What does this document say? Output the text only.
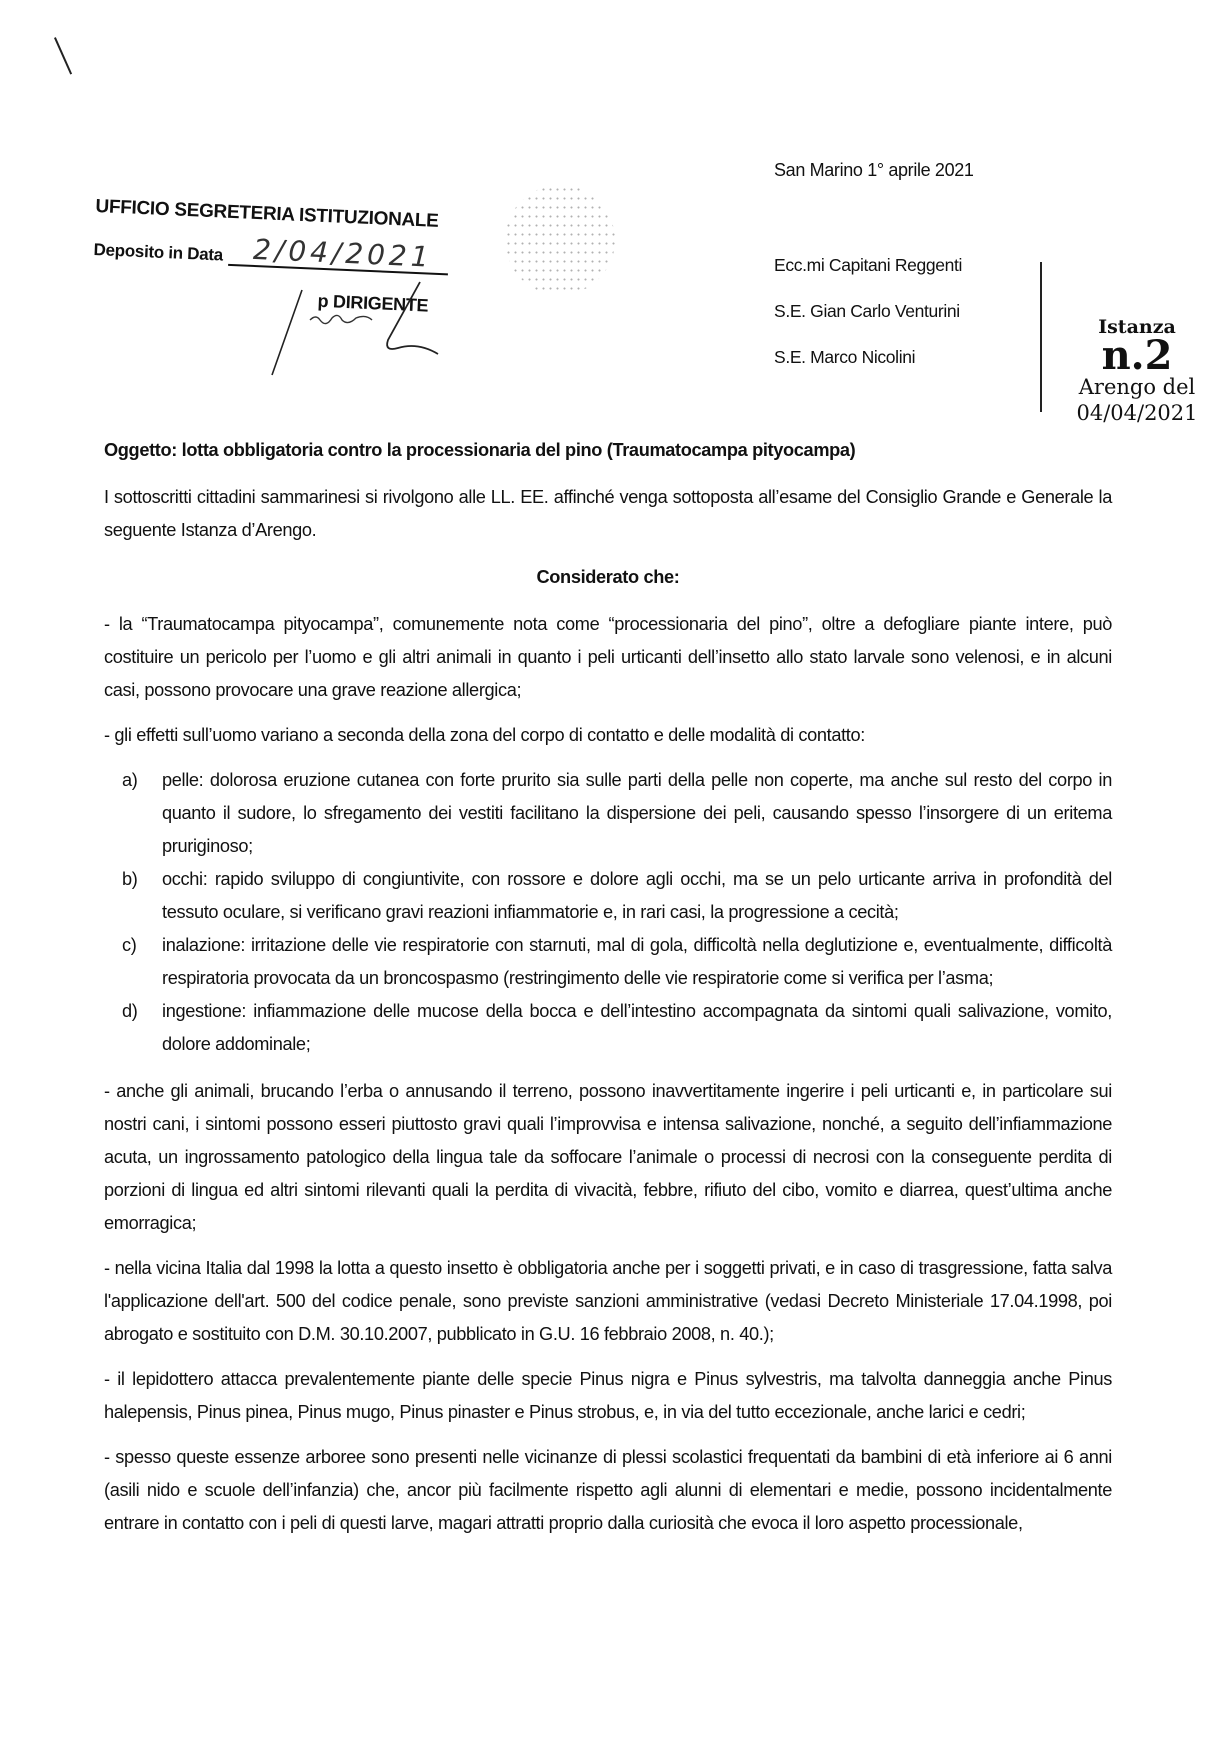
UFFICIO SEGRETERIA ISTITUZIONALE
Deposito in Data	2/04/2021
p DIRIGENTE
San Marino 1° aprile 2021
Ecc.mi Capitani Reggenti
S.E. Gian Carlo Venturini
S.E. Marco Nicolini
Istanza n.2
Arengo del
04/04/2021
Oggetto: lotta obbligatoria contro la processionaria del pino (Traumatocampa pityocampa)
I sottoscritti cittadini sammarinesi si rivolgono alle LL. EE. affinché venga sottoposta all’esame del Consiglio Grande e Generale la seguente Istanza d’Arengo.
Considerato che:
- la “Traumatocampa pityocampa”, comunemente nota come “processionaria del pino”, oltre a defogliare piante intere, può costituire un pericolo per l’uomo e gli altri animali in quanto i peli urticanti dell’insetto allo stato larvale sono velenosi, e in alcuni casi, possono provocare una grave reazione allergica;
- gli effetti sull’uomo variano a seconda della zona del corpo di contatto e delle modalità di contatto:
a)	pelle: dolorosa eruzione cutanea con forte prurito sia sulle parti della pelle non coperte, ma anche sul resto del corpo in quanto il sudore, lo sfregamento dei vestiti facilitano la dispersione dei peli, causando spesso l’insorgere di un eritema pruriginoso;
b)	occhi: rapido sviluppo di congiuntivite, con rossore e dolore agli occhi, ma se un pelo urticante arriva in profondità del tessuto oculare, si verificano gravi reazioni infiammatorie e, in rari casi, la progressione a cecità;
c)	inalazione: irritazione delle vie respiratorie con starnuti, mal di gola, difficoltà nella deglutizione e, eventualmente, difficoltà respiratoria provocata da un broncospasmo (restringimento delle vie respiratorie come si verifica per l’asma;
d)	ingestione: infiammazione delle mucose della bocca e dell’intestino accompagnata da sintomi quali salivazione, vomito, dolore addominale;
- anche gli animali, brucando l’erba o annusando il terreno, possono inavvertitamente ingerire i peli urticanti e, in particolare sui nostri cani, i sintomi possono esseri piuttosto gravi quali l’improvvisa e intensa salivazione, nonché, a seguito dell’infiammazione acuta, un ingrossamento patologico della lingua tale da soffocare l’animale o processi di necrosi con la conseguente perdita di porzioni di lingua ed altri sintomi rilevanti quali la perdita di vivacità, febbre, rifiuto del cibo, vomito e diarrea, quest’ultima anche emorragica;
- nella vicina Italia dal 1998 la lotta a questo insetto è obbligatoria anche per i soggetti privati, e in caso di trasgressione, fatta salva l'applicazione dell'art. 500 del codice penale, sono previste sanzioni amministrative (vedasi Decreto Ministeriale 17.04.1998, poi abrogato e sostituito con D.M. 30.10.2007, pubblicato in G.U. 16 febbraio 2008, n. 40.);
- il lepidottero attacca prevalentemente piante delle specie Pinus nigra e Pinus sylvestris, ma talvolta danneggia anche Pinus halepensis, Pinus pinea, Pinus mugo, Pinus pinaster e Pinus strobus, e, in via del tutto eccezionale, anche larici e cedri;
- spesso queste essenze arboree sono presenti nelle vicinanze di plessi scolastici frequentati da bambini di età inferiore ai 6 anni (asili nido e scuole dell’infanzia) che, ancor più facilmente rispetto agli alunni di elementari e medie, possono incidentalmente entrare in contatto con i peli di questi larve, magari attratti proprio dalla curiosità che evoca il loro aspetto processionale,
